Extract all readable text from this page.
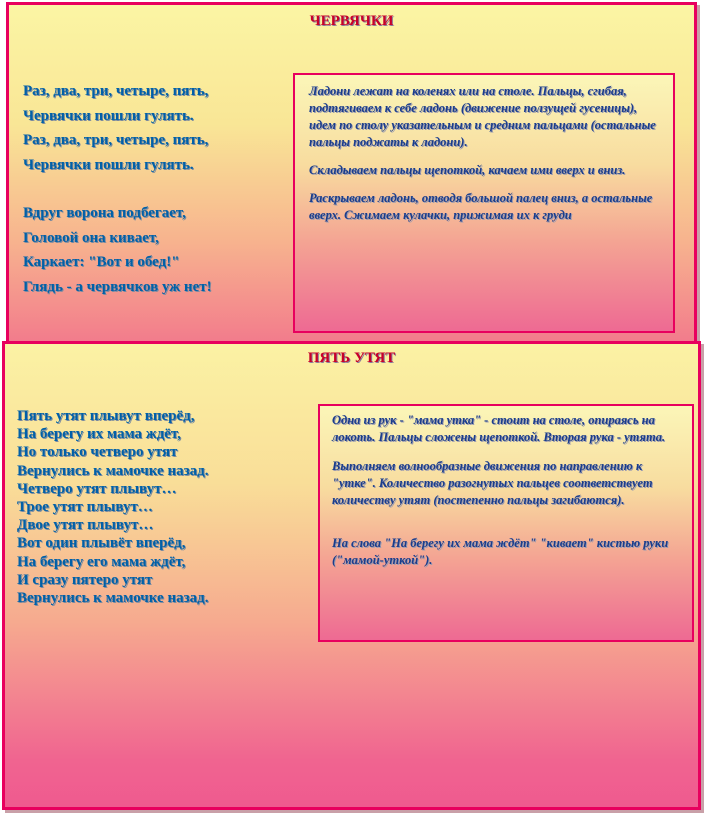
ЧЕРВЯЧКИ
Раз, два, три, четыре, пять,
Червячки пошли гулять.
Раз, два, три, четыре, пять,
Червячки пошли гулять.
Вдруг ворона подбегает,
Головой она кивает,
Каркает: "Вот и обед!"
Глядь - а червячков уж нет!

Ладони лежат на коленях или на столе. Пальцы, сгибая, подтягиваем к себе ладонь (движение ползущей гусеницы), идем по столу указательным и средним пальцами (остальные пальцы поджаты к ладони).

Складываем пальцы щепоткой, качаем ими вверх и вниз.

Раскрываем ладонь, отводя большой палец вниз, а остальные вверх. Сжимаем кулачки, прижимая их к груди

ПЯТЬ УТЯТ
Пять утят плывут вперёд,
На берегу их мама ждёт,
Но только четверо утят
Вернулись к мамочке назад.
Четверо утят плывут…
Трое утят плывут…
Двое утят плывут…
Вот один плывёт вперёд,
На берегу его мама ждёт,
И сразу пятеро утят
Вернулись к мамочке назад.

Одна из рук - "мама утка" - стоит на столе, опираясь на локоть. Пальцы сложены щепоткой. Вторая рука - утята.

Выполняем волнообразные движения по направлению к "утке". Количество разогнутых пальцев соответствует количеству утят (постепенно пальцы загибаются).

На слова "На берегу их мама ждёт" "кивает" кистью руки ("мамой-уткой").
